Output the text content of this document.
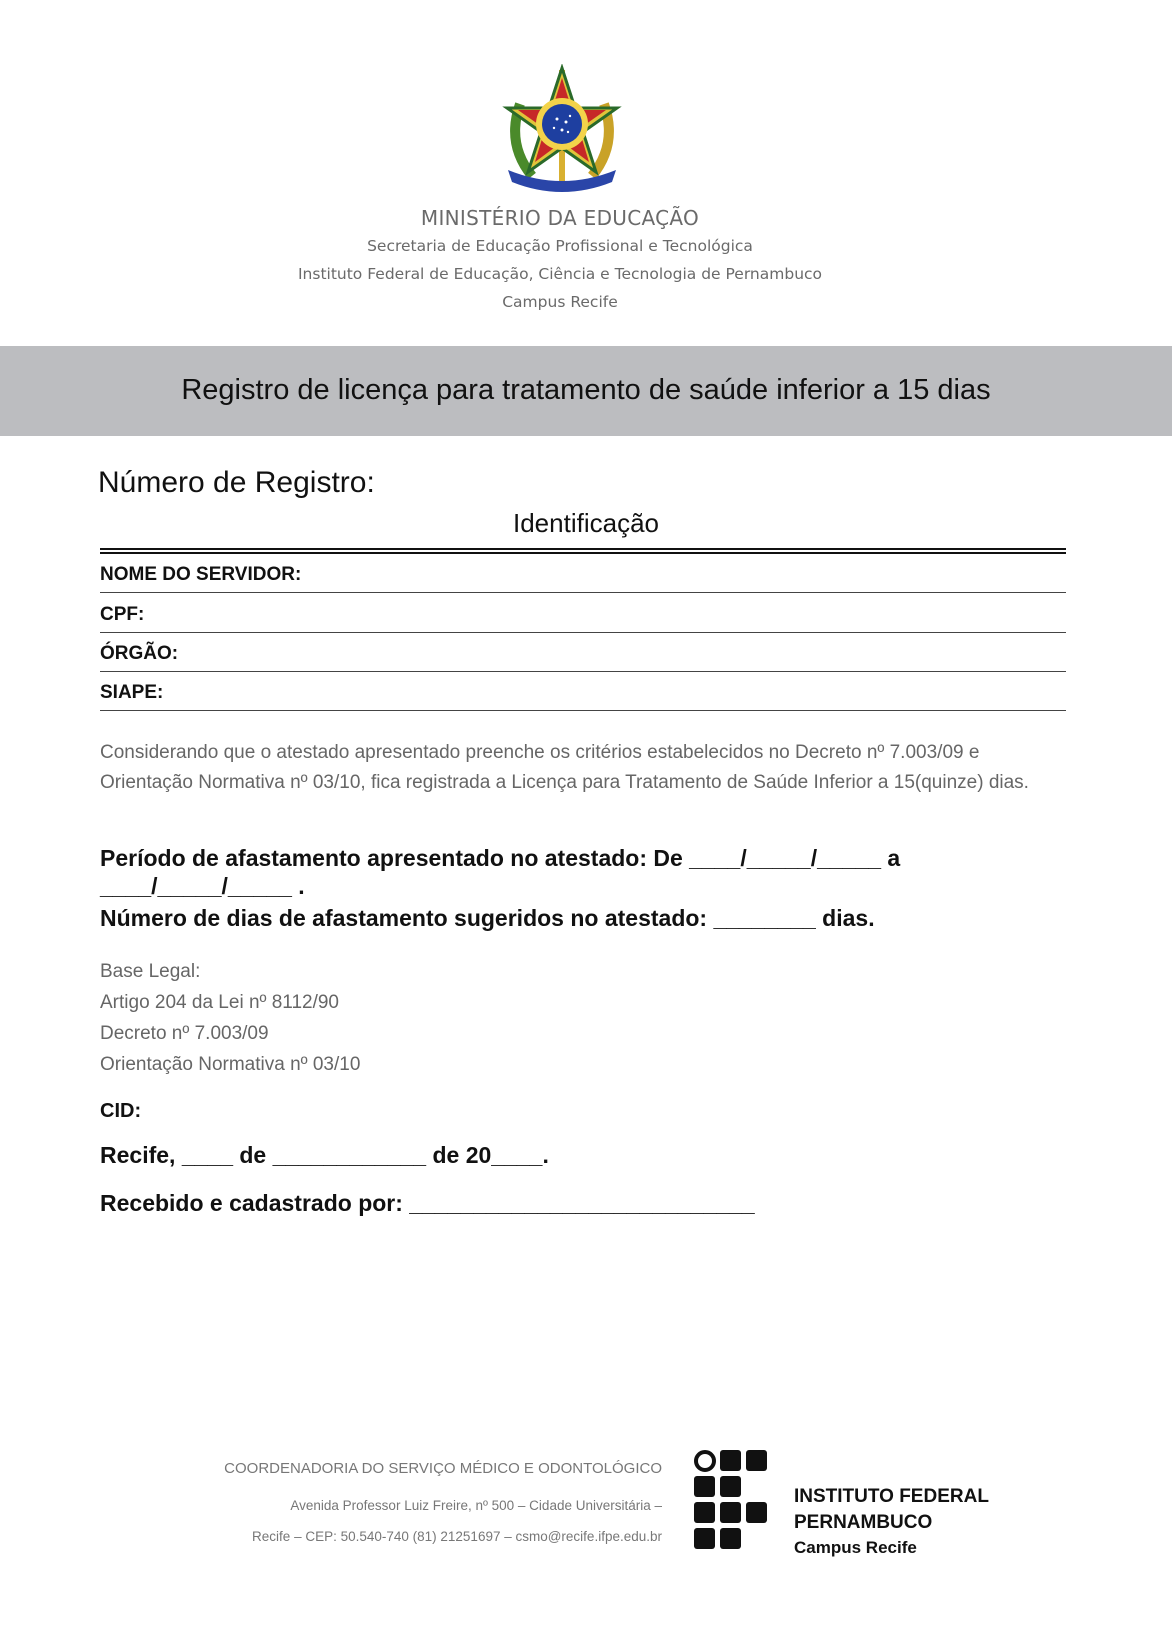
MINISTÉRIO DA EDUCAÇÃO
Secretaria de Educação Profissional e Tecnológica
Instituto Federal de Educação, Ciência e Tecnologia de Pernambuco
Campus Recife
Registro de licença para tratamento de saúde inferior a 15 dias
Número de Registro:
Identificação
NOME DO SERVIDOR:
CPF:
ÓRGÃO:
SIAPE:
Considerando que o atestado apresentado preenche os critérios estabelecidos no Decreto nº 7.003/09 e Orientação Normativa nº 03/10, fica registrada a Licença para Tratamento de Saúde Inferior a 15(quinze) dias.
Período de afastamento apresentado no atestado: De ____/_____/_____ a ____/_____/_____ .
Número de dias de afastamento sugeridos no atestado: ________ dias.
Base Legal:
Artigo 204 da Lei nº 8112/90
Decreto nº 7.003/09
Orientação Normativa nº 03/10
CID:
Recife, ____ de ____________ de 20____.
Recebido e cadastrado por: ___________________________
COORDENADORIA DO SERVIÇO MÉDICO E ODONTOLÓGICO
Avenida Professor Luiz Freire, nº 500 – Cidade Universitária –
Recife – CEP: 50.540-740 (81) 21251697 – csmo@recife.ifpe.edu.br
INSTITUTO FEDERAL
PERNAMBUCO
Campus Recife
